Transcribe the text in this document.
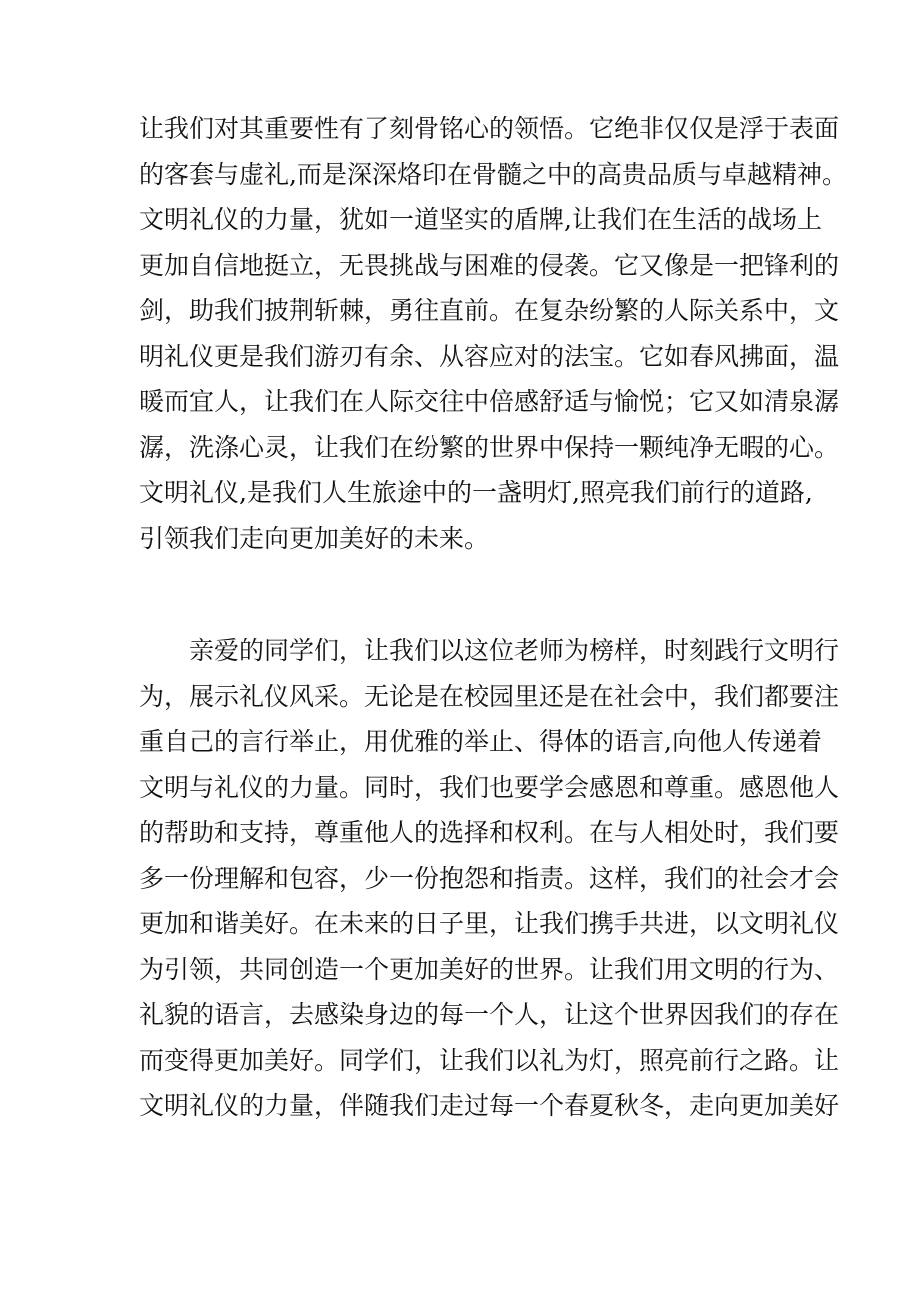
让我们对其重要性有了刻骨铭心的领悟。它绝非仅仅是浮于表面
的客套与虚礼,而是深深烙印在骨髓之中的高贵品质与卓越精神。
文明礼仪的力量，犹如一道坚实的盾牌,让我们在生活的战场上
更加自信地挺立，无畏挑战与困难的侵袭。它又像是一把锋利的
剑，助我们披荆斩棘，勇往直前。在复杂纷繁的人际关系中，文
明礼仪更是我们游刃有余、从容应对的法宝。它如春风拂面，温
暖而宜人，让我们在人际交往中倍感舒适与愉悦；它又如清泉潺
潺，洗涤心灵，让我们在纷繁的世界中保持一颗纯净无暇的心。
文明礼仪,是我们人生旅途中的一盏明灯,照亮我们前行的道路,
引领我们走向更加美好的未来。

亲爱的同学们，让我们以这位老师为榜样，时刻践行文明行
为，展示礼仪风采。无论是在校园里还是在社会中，我们都要注
重自己的言行举止，用优雅的举止、得体的语言,向他人传递着
文明与礼仪的力量。同时，我们也要学会感恩和尊重。感恩他人
的帮助和支持，尊重他人的选择和权利。在与人相处时，我们要
多一份理解和包容，少一份抱怨和指责。这样，我们的社会才会
更加和谐美好。在未来的日子里，让我们携手共进，以文明礼仪
为引领，共同创造一个更加美好的世界。让我们用文明的行为、
礼貌的语言，去感染身边的每一个人，让这个世界因我们的存在
而变得更加美好。同学们，让我们以礼为灯，照亮前行之路。让
文明礼仪的力量，伴随我们走过每一个春夏秋冬，走向更加美好
